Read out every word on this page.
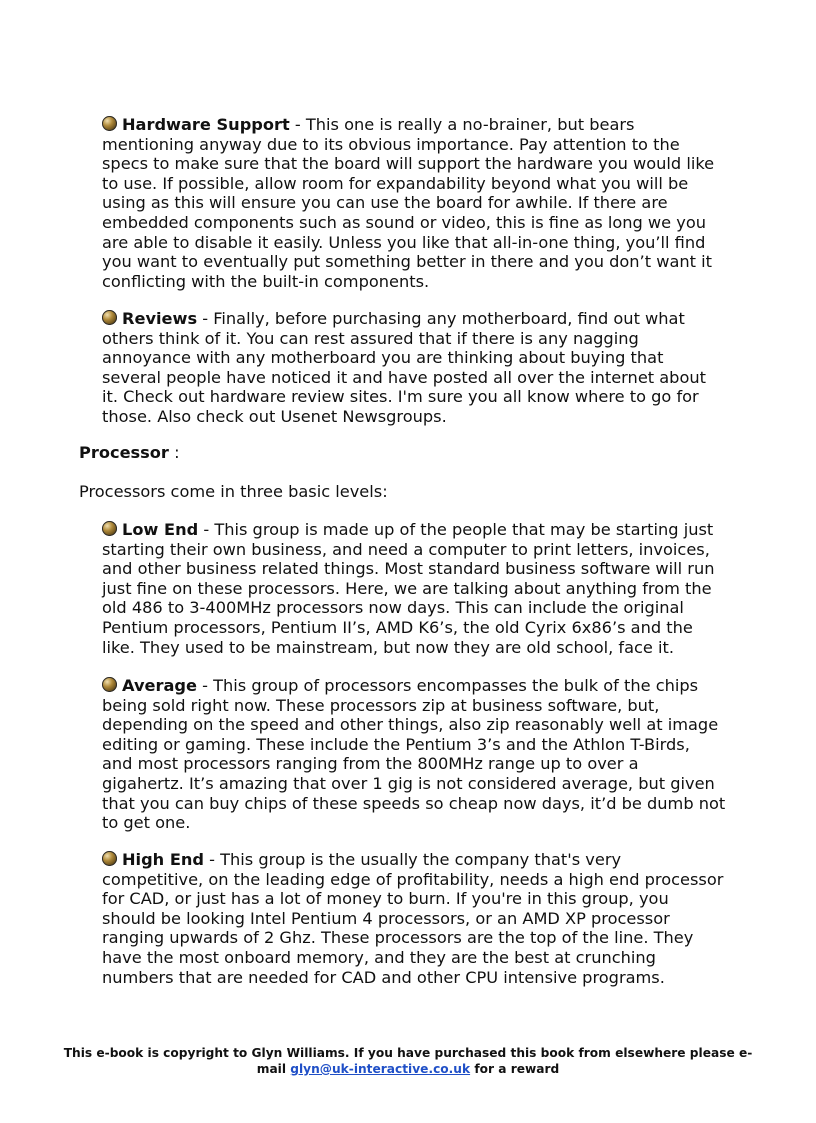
Hardware Support - This one is really a no-brainer, but bears

mentioning anyway due to its obvious importance. Pay attention to the

specs to make sure that the board will support the hardware you would like

to use. If possible, allow room for expandability beyond what you will be

using as this will ensure you can use the board for awhile. If there are

embedded components such as sound or video, this is fine as long we you

are able to disable it easily. Unless you like that all-in-one thing, you’ll find

you want to eventually put something better in there and you don’t want it

conflicting with the built-in components.

Reviews - Finally, before purchasing any motherboard, find out what

others think of it. You can rest assured that if there is any nagging

annoyance with any motherboard you are thinking about buying that

several people have noticed it and have posted all over the internet about

it. Check out hardware review sites. I'm sure you all know where to go for

those. Also check out Usenet Newsgroups.

Processor :

Processors come in three basic levels:

Low End - This group is made up of the people that may be starting just

starting their own business, and need a computer to print letters, invoices,

and other business related things. Most standard business software will run

just fine on these processors. Here, we are talking about anything from the

old 486 to 3-400MHz processors now days. This can include the original

Pentium processors, Pentium II’s, AMD K6’s, the old Cyrix 6x86’s and the

like. They used to be mainstream, but now they are old school, face it.

Average - This group of processors encompasses the bulk of the chips

being sold right now. These processors zip at business software, but,

depending on the speed and other things, also zip reasonably well at image

editing or gaming. These include the Pentium 3’s and the Athlon T-Birds,

and most processors ranging from the 800MHz range up to over a

gigahertz. It’s amazing that over 1 gig is not considered average, but given

that you can buy chips of these speeds so cheap now days, it’d be dumb not

to get one.

High End - This group is the usually the company that's very

competitive, on the leading edge of profitability, needs a high end processor

for CAD, or just has a lot of money to burn. If you're in this group, you

should be looking Intel Pentium 4 processors, or an AMD XP processor

ranging upwards of 2 Ghz. These processors are the top of the line. They

have the most onboard memory, and they are the best at crunching

numbers that are needed for CAD and other CPU intensive programs.

This e-book is copyright to Glyn Williams. If you have purchased this book from elsewhere please e-
mail glyn@uk-interactive.co.uk for a reward
